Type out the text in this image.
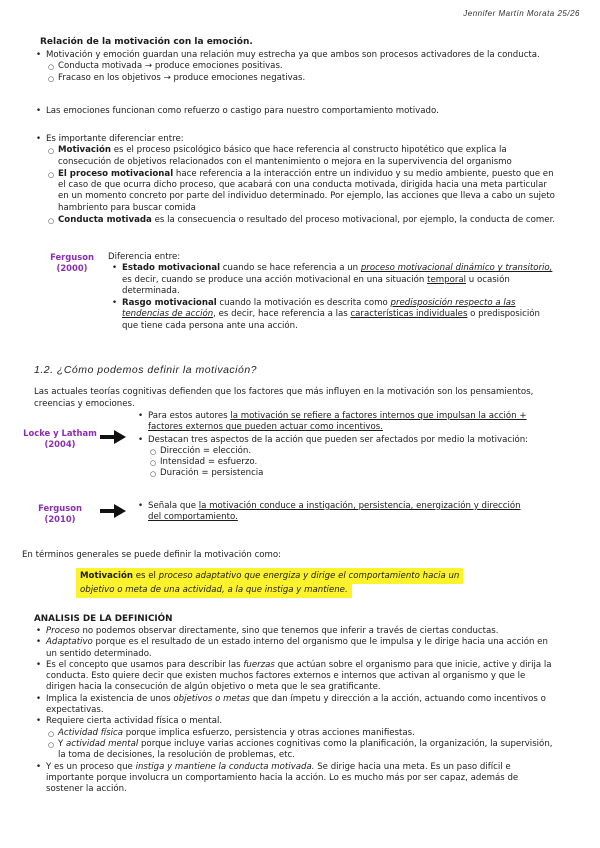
Jennifer Martín Morata 25/26
Relación de la motivación con la emoción.
• Motivación y emoción guardan una relación muy estrecha ya que ambos son procesos activadores de la conducta.
○ Conducta motivada → produce emociones positivas.
○ Fracaso en los objetivos → produce emociones negativas.
• Las emociones funcionan como refuerzo o castigo para nuestro comportamiento motivado.
• Es importante diferenciar entre:
○ Motivación es el proceso psicológico básico que hace referencia al constructo hipotético que explica la consecución de objetivos relacionados con el mantenimiento o mejora en la supervivencia del organismo
○ El proceso motivacional hace referencia a la interacción entre un individuo y su medio ambiente, puesto que en el caso de que ocurra dicho proceso, que acabará con una conducta motivada, dirigida hacia una meta particular en un momento concreto por parte del individuo determinado. Por ejemplo, las acciones que lleva a cabo un sujeto hambriento para buscar comida
○ Conducta motivada es la consecuencia o resultado del proceso motivacional, por ejemplo, la conducta de comer.
Ferguson
(2000)
Diferencia entre:
• Estado motivacional cuando se hace referencia a un proceso motivacional dinámico y transitorio, es decir, cuando se produce una acción motivacional en una situación temporal u ocasión determinada.
• Rasgo motivacional cuando la motivación es descrita como predisposición respecto a las tendencias de acción, es decir, hace referencia a las características individuales o predisposición que tiene cada persona ante una acción.
1.2. ¿Cómo podemos definir la motivación?
Las actuales teorías cognitivas defienden que los factores que más influyen en la motivación son los pensamientos, creencias y emociones.
Locke y Latham
(2004)
• Para estos autores la motivación se refiere a factores internos que impulsan la acción + factores externos que pueden actuar como incentivos.
• Destacan tres aspectos de la acción que pueden ser afectados por medio la motivación:
○ Dirección = elección.
○ Intensidad = esfuerzo.
○ Duración = persistencia
Ferguson
(2010)
• Señala que la motivación conduce a instigación, persistencia, energización y dirección del comportamiento.
En términos generales se puede definir la motivación como:
Motivación es el proceso adaptativo que energiza y dirige el comportamiento hacia un objetivo o meta de una actividad, a la que instiga y mantiene.
ANALISIS DE LA DEFINICIÓN
• Proceso no podemos observar directamente, sino que tenemos que inferir a través de ciertas conductas.
• Adaptativo porque es el resultado de un estado interno del organismo que le impulsa y le dirige hacia una acción en un sentido determinado.
• Es el concepto que usamos para describir las fuerzas que actúan sobre el organismo para que inicie, active y dirija la conducta. Esto quiere decir que existen muchos factores externos e internos que activan al organismo y que le dirigen hacia la consecución de algún objetivo o meta que le sea gratificante.
• Implica la existencia de unos objetivos o metas que dan ímpetu y dirección a la acción, actuando como incentivos o expectativas.
• Requiere cierta actividad física o mental.
○ Actividad física porque implica esfuerzo, persistencia y otras acciones manifiestas.
○ Y actividad mental porque incluye varias acciones cognitivas como la planificación, la organización, la supervisión, la toma de decisiones, la resolución de problemas, etc.
• Y es un proceso que instiga y mantiene la conducta motivada. Se dirige hacia una meta. Es un paso difícil e importante porque involucra un comportamiento hacia la acción. Lo es mucho más por ser capaz, además de sostener la acción.
